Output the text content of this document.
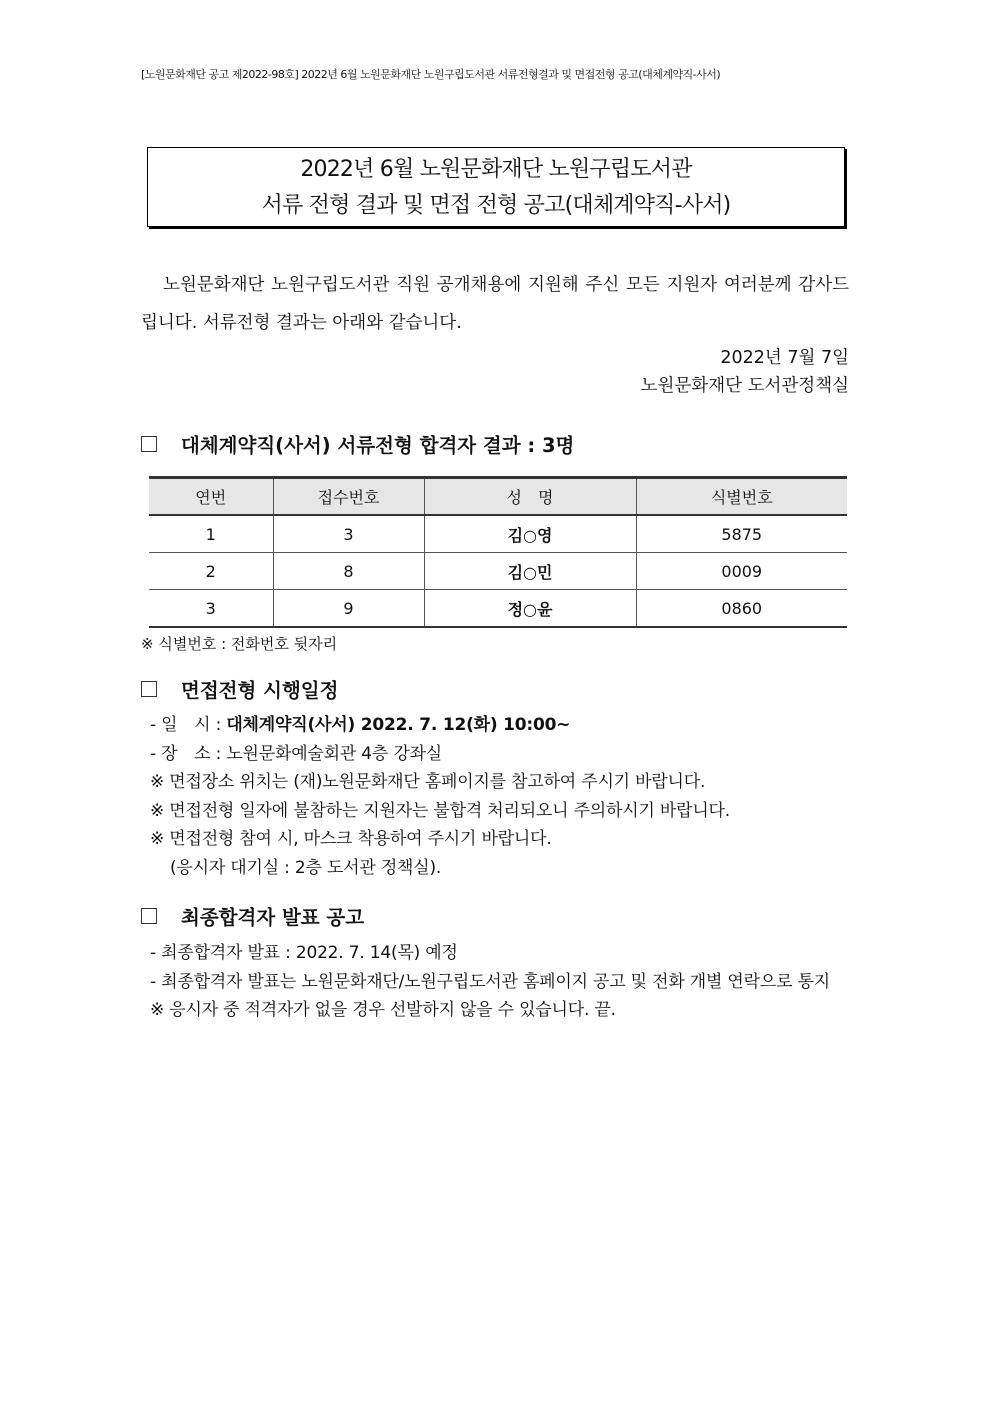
[노원문화재단 공고 제2022-98호] 2022년 6월 노원문화재단 노원구립도서관 서류전형결과 및 면접전형 공고(대체계약직-사서)
2022년 6월 노원문화재단 노원구립도서관
서류 전형 결과 및 면접 전형 공고(대체계약직-사서)
노원문화재단 노원구립도서관 직원 공개채용에 지원해 주신 모든 지원자 여러분께 감사드립니다. 서류전형 결과는 아래와 같습니다.
2022년 7월 7일
노원문화재단 도서관정책실
대체계약직(사서) 서류전형 합격자 결과 : 3명
연번	접수번호	성　명	식별번호
1	3	김○영	5875
2	8	김○민	0009
3	9	정○윤	0860
※ 식별번호 : 전화번호 뒷자리
면접전형 시행일정
- 일　시 : 대체계약직(사서) 2022. 7. 12(화) 10:00~
- 장　소 : 노원문화예술회관 4층 강좌실
※ 면접장소 위치는 (재)노원문화재단 홈페이지를 참고하여 주시기 바랍니다.
※ 면접전형 일자에 불참하는 지원자는 불합격 처리되오니 주의하시기 바랍니다.
※ 면접전형 참여 시, 마스크 착용하여 주시기 바랍니다.
(응시자 대기실 : 2층 도서관 정책실).
최종합격자 발표 공고
- 최종합격자 발표 : 2022. 7. 14(목) 예정
- 최종합격자 발표는 노원문화재단/노원구립도서관 홈페이지 공고 및 전화 개별 연락으로 통지
※ 응시자 중 적격자가 없을 경우 선발하지 않을 수 있습니다. 끝.
